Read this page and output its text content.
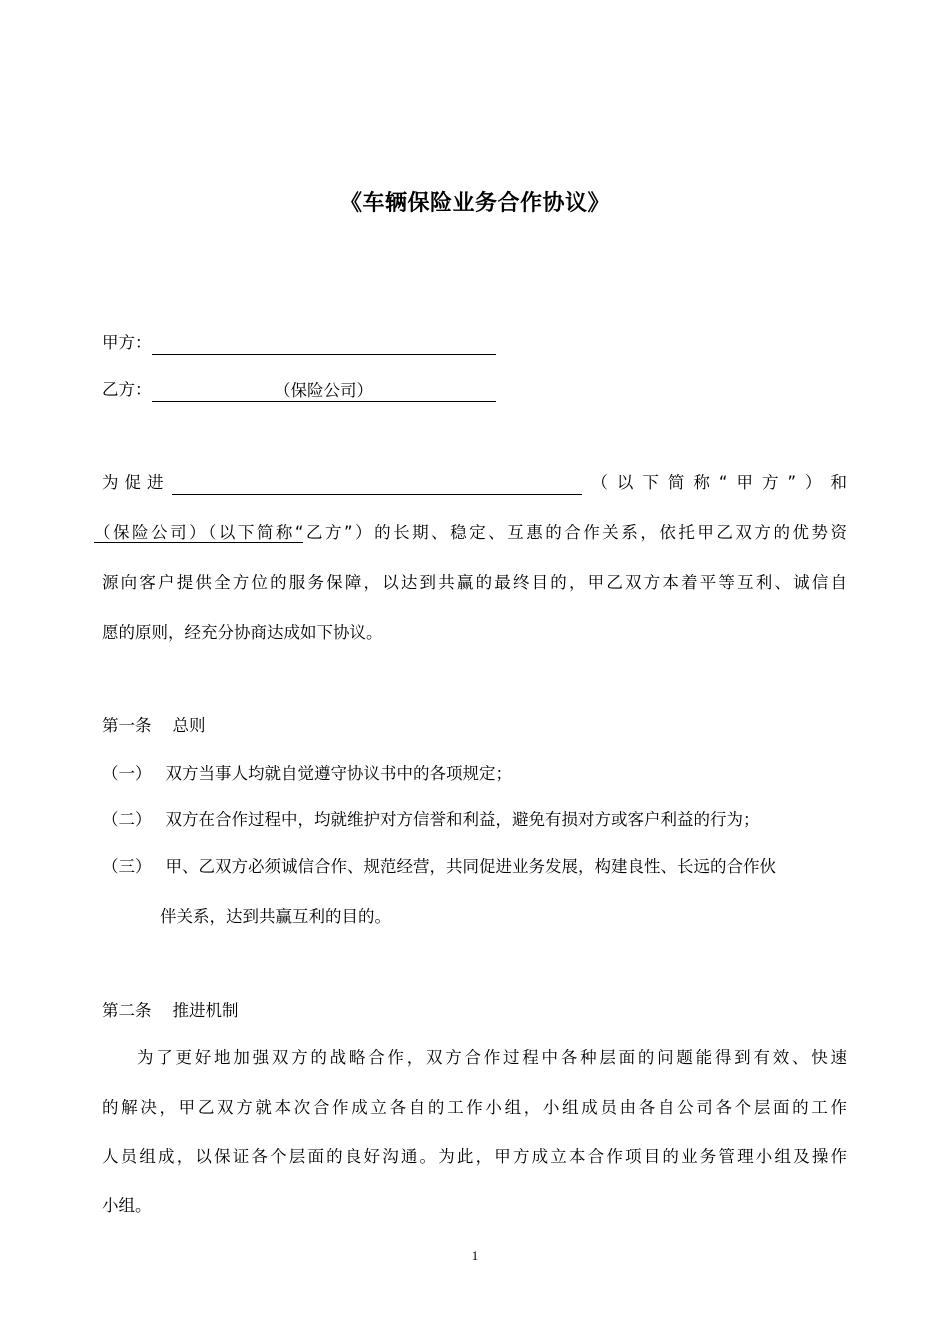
《车辆保险业务合作协议》
甲方：
乙方：	（保险公司）
为促进	（以下简称“甲方”）和
（保险公司）（以下简称“乙方”）的长期、稳定、互惠的合作关系，依托甲乙双方的优势资
源向客户提供全方位的服务保障，以达到共赢的最终目的，甲乙双方本着平等互利、诚信自
愿的原则，经充分协商达成如下协议。
第一条    总则
（一） 双方当事人均就自觉遵守协议书中的各项规定；
（二） 双方在合作过程中，均就维护对方信誉和利益，避免有损对方或客户利益的行为；
（三） 甲、乙双方必须诚信合作、规范经营，共同促进业务发展，构建良性、长远的合作伙
伴关系，达到共赢互利的目的。
第二条    推进机制
为了更好地加强双方的战略合作，双方合作过程中各种层面的问题能得到有效、快速
的解决，甲乙双方就本次合作成立各自的工作小组，小组成员由各自公司各个层面的工作
人员组成，以保证各个层面的良好沟通。为此，甲方成立本合作项目的业务管理小组及操作
小组。
1
